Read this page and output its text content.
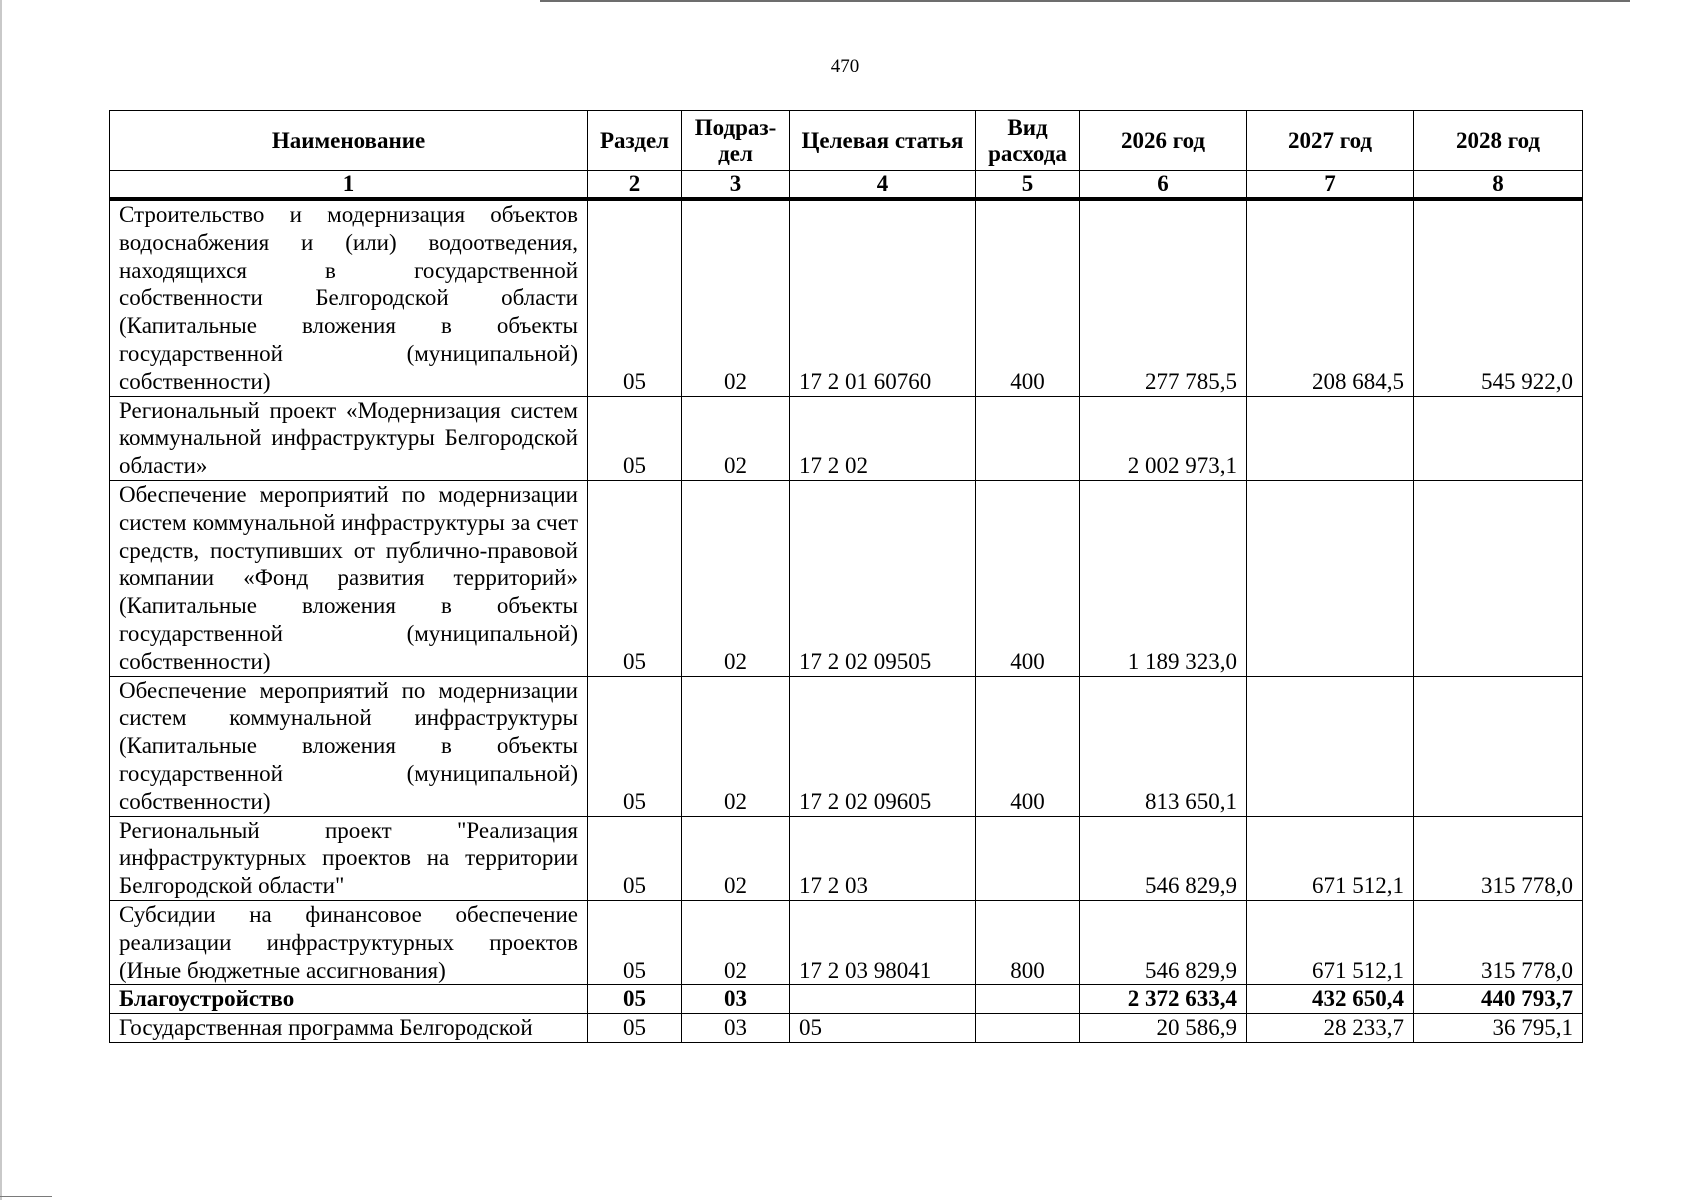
470
Наименование	Раздел	Подраз-дел	Целевая статья	Вид расхода	2026 год	2027 год	2028 год
1	2	3	4	5	6	7	8
Строительство и модернизация объектов водоснабжения и (или) водоотведения, находящихся в государственной собственности Белгородской области (Капитальные вложения в объекты государственной (муниципальной) собственности)	05	02	17 2 01 60760	400	277 785,5	208 684,5	545 922,0
Региональный проект «Модернизация систем коммунальной инфраструктуры Белгородской области»	05	02	17 2 02		2 002 973,1		
Обеспечение мероприятий по модернизации систем коммунальной инфраструктуры за счет средств, поступивших от публично-правовой компании «Фонд развития территорий» (Капитальные вложения в объекты государственной (муниципальной) собственности)	05	02	17 2 02 09505	400	1 189 323,0		
Обеспечение мероприятий по модернизации систем коммунальной инфраструктуры (Капитальные вложения в объекты государственной (муниципальной) собственности)	05	02	17 2 02 09605	400	813 650,1		
Региональный проект "Реализация инфраструктурных проектов на территории Белгородской области"	05	02	17 2 03		546 829,9	671 512,1	315 778,0
Субсидии на финансовое обеспечение реализации инфраструктурных проектов (Иные бюджетные ассигнования)	05	02	17 2 03 98041	800	546 829,9	671 512,1	315 778,0
Благоустройство	05	03			2 372 633,4	432 650,4	440 793,7
Государственная программа Белгородской	05	03	05		20 586,9	28 233,7	36 795,1
